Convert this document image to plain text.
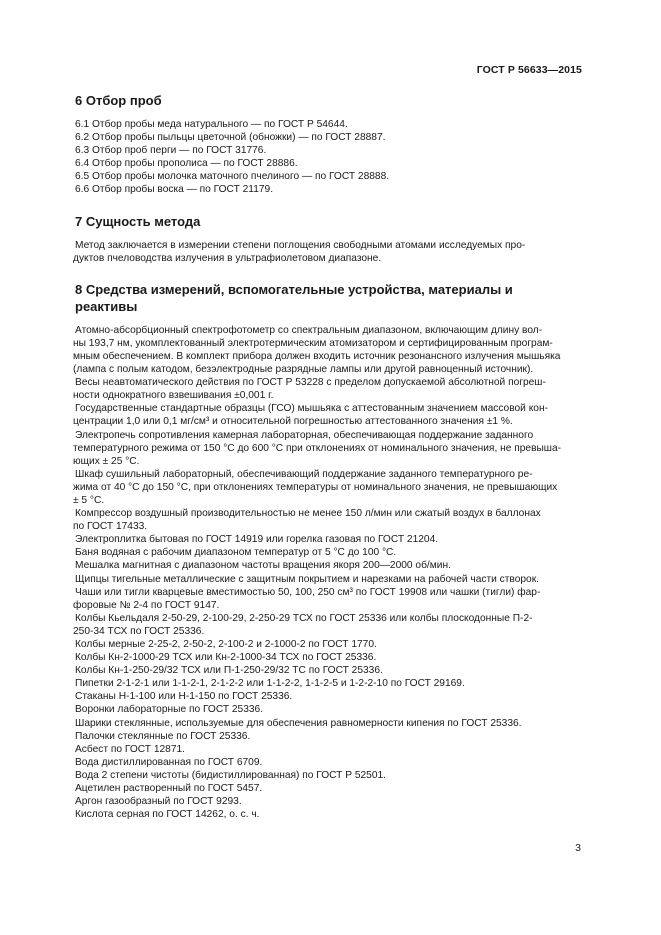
ГОСТ Р 56633—2015
6 Отбор проб
6.1 Отбор пробы меда натурального — по ГОСТ Р 54644.
6.2 Отбор пробы пыльцы цветочной (обножки) — по ГОСТ 28887.
6.3 Отбор проб перги — по ГОСТ 31776.
6.4 Отбор пробы прополиса — по ГОСТ 28886.
6.5 Отбор пробы молочка маточного пчелиного — по ГОСТ 28888.
6.6 Отбор пробы воска — по ГОСТ 21179.
7 Сущность метода
Метод заключается в измерении степени поглощения свободными атомами исследуемых про-
дуктов пчеловодства излучения в ультрафиолетовом диапазоне.
8 Средства измерений, вспомогательные устройства, материалы и
реактивы
Атомно-абсорбционный спектрофотометр со спектральным диапазоном, включающим длину вол-
ны 193,7 нм, укомплектованный электротермическим атомизатором и сертифицированным програм-
мным обеспечением. В комплект прибора должен входить источник резонансного излучения мышьяка
(лампа с полым катодом, безэлектродные разрядные лампы или другой равноценный источник).
Весы неавтоматического действия по ГОСТ Р 53228 с пределом допускаемой абсолютной погреш-
ности однократного взвешивания ±0,001 г.
Государственные стандартные образцы (ГСО) мышьяка с аттестованным значением массовой кон-
центрации 1,0 или 0,1 мг/см³ и относительной погрешностью аттестованного значения ±1 %.
Электропечь сопротивления камерная лабораторная, обеспечивающая поддержание заданного
температурного режима от 150 °С до 600 °С при отклонениях от номинального значения, не превыша-
ющих ± 25 °С.
Шкаф сушильный лабораторный, обеспечивающий поддержание заданного температурного ре-
жима от 40 °С до 150 °С, при отклонениях температуры от номинального значения, не превышающих
± 5 °С.
Компрессор воздушный производительностью не менее 150 л/мин или сжатый воздух в баллонах
по ГОСТ 17433.
Электроплитка бытовая по ГОСТ 14919 или горелка газовая по ГОСТ 21204.
Баня водяная с рабочим диапазоном температур от 5 °С до 100 °С.
Мешалка магнитная с диапазоном частоты вращения якоря 200—2000 об/мин.
Щипцы тигельные металлические с защитным покрытием и нарезками на рабочей части створок.
Чаши или тигли кварцевые вместимостью 50, 100, 250 см³ по ГОСТ 19908 или чашки (тигли) фар-
форовые № 2-4 по ГОСТ 9147.
Колбы Кьельдаля 2-50-29, 2-100-29, 2-250-29 ТСХ по ГОСТ 25336 или колбы плоскодонные П-2-
250-34 ТСХ по ГОСТ 25336.
Колбы мерные 2-25-2, 2-50-2, 2-100-2 и 2-1000-2 по ГОСТ 1770.
Колбы Кн-2-1000-29 ТСХ или Кн-2-1000-34 ТСХ по ГОСТ 25336.
Колбы Кн-1-250-29/32 ТСХ или П-1-250-29/32 ТС по ГОСТ 25336.
Пипетки 2-1-2-1 или 1-1-2-1, 2-1-2-2 или 1-1-2-2, 1-1-2-5 и 1-2-2-10 по ГОСТ 29169.
Стаканы Н-1-100 или Н-1-150 по ГОСТ 25336.
Воронки лабораторные по ГОСТ 25336.
Шарики стеклянные, используемые для обеспечения равномерности кипения по ГОСТ 25336.
Палочки стеклянные по ГОСТ 25336.
Асбест по ГОСТ 12871.
Вода дистиллированная по ГОСТ 6709.
Вода 2 степени чистоты (бидистиллированная) по ГОСТ Р 52501.
Ацетилен растворенный по ГОСТ 5457.
Аргон газообразный по ГОСТ 9293.
Кислота серная по ГОСТ 14262, о. с. ч.
3
